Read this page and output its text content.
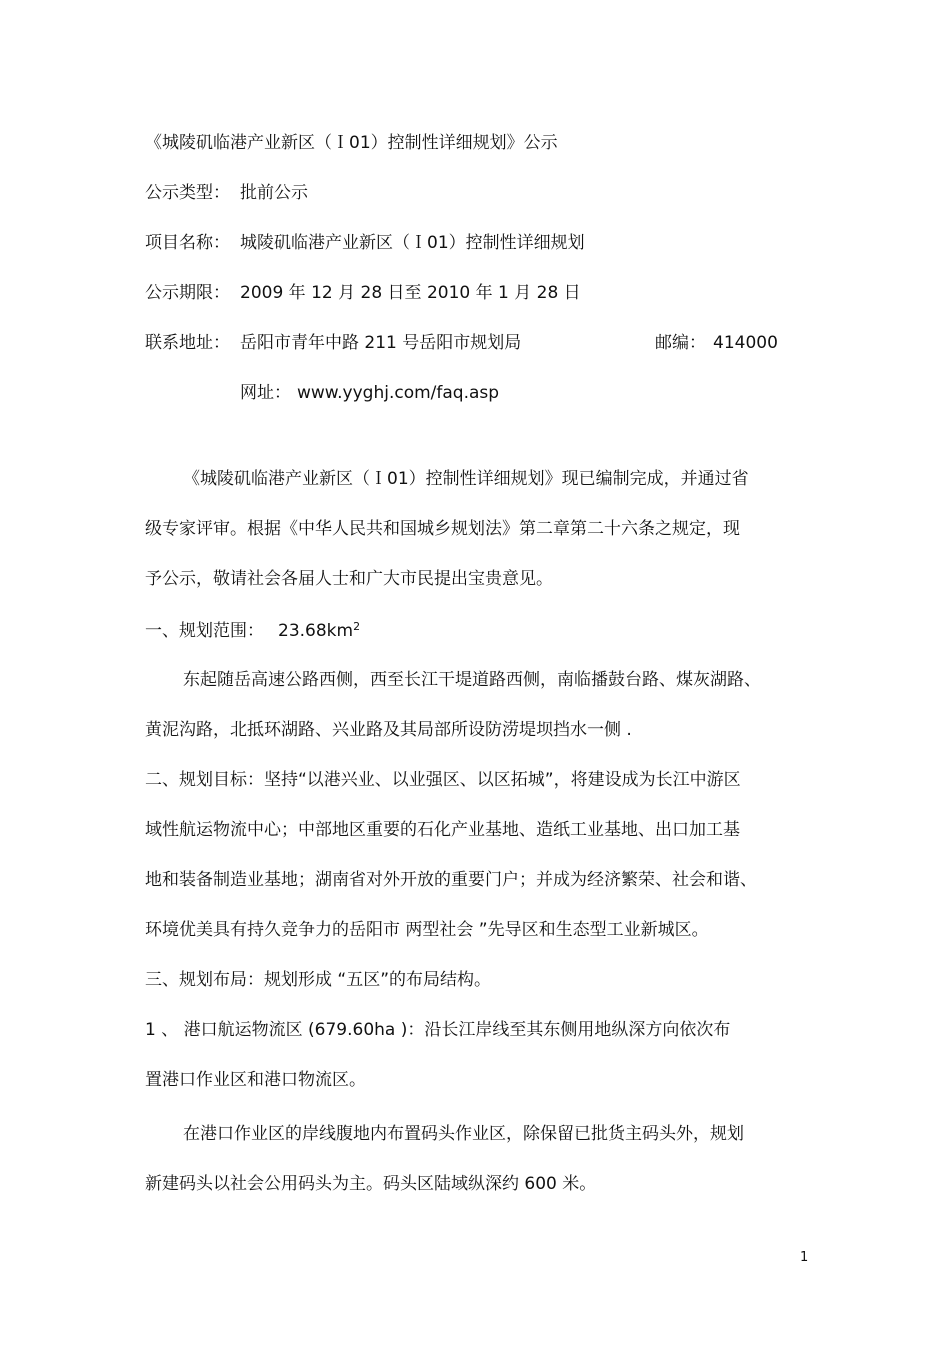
《城陵矶临港产业新区（Ｉ01）控制性详细规划》公示
公示类型： 批前公示
项目名称： 城陵矶临港产业新区（Ｉ01）控制性详细规划
公示期限： 2009 年 12 月 28 日至 2010 年 1 月 28 日
联系地址： 岳阳市青年中路 211 号岳阳市规划局	邮编： 414000
网址： www.yyghj.com/faq.asp
《城陵矶临港产业新区（Ｉ01）控制性详细规划》现已编制完成，并通过省
级专家评审。根据《中华人民共和国城乡规划法》第二章第二十六条之规定，现
予公示，敬请社会各届人士和广大市民提出宝贵意见。
一、规划范围： $23.68km^2$
东起随岳高速公路西侧，西至长江干堤道路西侧，南临播鼓台路、煤灰湖路、
黄泥沟路，北抵环湖路、兴业路及其局部所设防涝堤坝挡水一侧 .
二、规划目标：坚持“以港兴业、以业强区、以区拓城”，将建设成为长江中游区
域性航运物流中心；中部地区重要的石化产业基地、造纸工业基地、出口加工基
地和装备制造业基地；湖南省对外开放的重要门户；并成为经济繁荣、社会和谐、
环境优美具有持久竞争力的岳阳市 两型社会 ”先导区和生态型工业新城区。
三、规划布局：规划形成 “五区”的布局结构。
1 、 港口航运物流区 (679.60ha )：沿长江岸线至其东侧用地纵深方向依次布
置港口作业区和港口物流区。
在港口作业区的岸线腹地内布置码头作业区，除保留已批货主码头外，规划
新建码头以社会公用码头为主。码头区陆域纵深约 600 米。
1
